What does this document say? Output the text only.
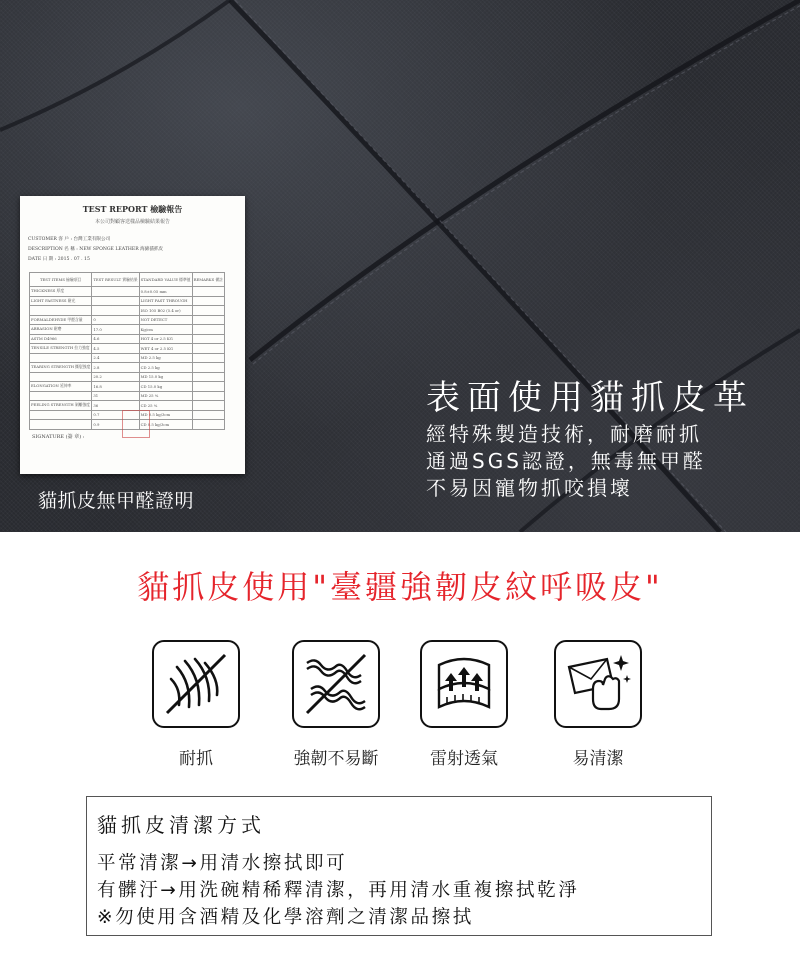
TEST REPORT 檢驗報告
本公司對顧客送樣品檢驗結果報告
CUSTOMER 客 戶 : 台灣工業有限公司
DESCRIPTION 名 稱 : NEW SPONGE LEATHER 海綿貓抓皮
DATE 日 期 : 2015 . 07 . 15
TEST ITEMS 檢驗項目	TEST RESULT 實驗結果	STANDARD VALUE 標準值	REMARKS 備註
THICKNESS 厚度		0.8±0.05 mm	
LIGHT FASTNESS 耐光		LIGHT FAST THROUGH	
		ISO 105 B02 (5.4 or)	
FORMALDEHYDE 甲醛含量	0	NOT DETECT	
ABRASION 耐磨	17.0	Kg/cm	
ASTM D4966	4.6	HOT 4 or 2.5 KG	
TENSILE STRENGTH 拉力強度	4.5	WET 4 or 2.5 KG	
	2.4	MD 2.5 kg	
TEARING STRENGTH 撕裂強度	2.8	CD 2.5 kg	
	20.2	MD 15.0 kg	
ELONGATION 延伸率	16.8	CD 15.0 kg	
	31	MD 25 %	
PEELING STRENGTH 剝離強度	36	CD 25 %	
	0.7	MD 0.5 kg/3cm	
	0.9	CD 0.5 kg/3cm	
SIGNATURE (簽 章) :
貓抓皮無甲醛證明
表面使用貓抓皮革
經特殊製造技術，耐磨耐抓
通過SGS認證，無毒無甲醛
不易因寵物抓咬損壞
貓抓皮使用"臺疆強韌皮紋呼吸皮"
耐抓	強韌不易斷	雷射透氣	易清潔
貓抓皮清潔方式
平常清潔→用清水擦拭即可
有髒汙→用洗碗精稀釋清潔，再用清水重複擦拭乾淨
※勿使用含酒精及化學溶劑之清潔品擦拭
